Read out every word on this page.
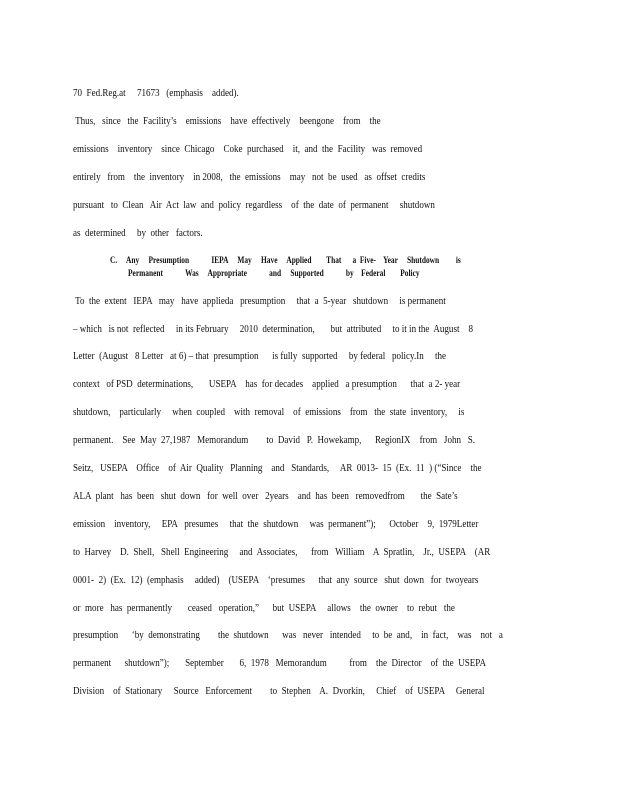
70  Fed.Reg.at     71673   (emphasis    added).
Thus,   since   the  Facility’s    emissions    have  effectively    beengone    from    the
emissions    inventory    since  Chicago    Coke  purchased    it,  and  the  Facility   was  removed
entirely   from    the  inventory    in 2008,   the  emissions    may   not  be  used   as  offset  credits
pursuant   to  Clean   Air  Act  law  and  policy  regardless    of  the  date  of  permanent     shutdown
as  determined     by  other   factors.
C.     Any     Presumption            IEPA     May     Have     Applied        That      a  Five-    Year     Shutdown         is
Permanent            Was     Appropriate            and     Supported            by    Federal        Policy
To  the  extent   IEPA   may   have  applieda   presumption     that  a  5-year   shutdown     is permanent
– which   is not  reflected     in its February     2010  determination,       but  attributed     to it in the  August    8
Letter  (August   8 Letter   at 6) – that  presumption      is fully  supported     by federal   policy.In     the
context   of PSD  determinations,       USEPA    has  for decades    applied   a presumption      that  a 2- year
shutdown,    particularly     when  coupled    with  removal    of  emissions    from   the  state  inventory,     is
permanent.    See  May  27,1987   Memorandum        to  David   P.  Howekamp,      RegionIX    from   John   S.
Seitz,   USEPA    Office    of  Air  Quality   Planning    and   Standards,     AR  0013-  15  (Ex.  11  ) (“Since    the
ALA  plant   has  been   shut  down   for  well  over   2years    and  has  been   removedfrom       the  Sate’s
emission    inventory,     EPA   presumes     that  the  shutdown     was  permanent”);      October    9,  1979Letter
to  Harvey    D.  Shell,   Shell  Engineering     and  Associates,      from   William    A  Spratlin,    Jr.,  USEPA    (AR
0001-  2)  (Ex.  12)  (emphasis     added)    (USEPA    ‘presumes      that  any  source   shut  down   for  twoyears
or  more   has  permanently       ceased   operation,”      but  USEPA     allows    the  owner    to  rebut   the
presumption      ‘by  demonstrating        the  shutdown      was   never   intended     to  be  and,    in  fact,    was    not   a
permanent      shutdown”);       September       6,  1978   Memorandum          from    the  Director    of  the  USEPA
Division    of  Stationary     Source   Enforcement        to  Stephen    A.  Dvorkin,     Chief    of  USEPA     General
